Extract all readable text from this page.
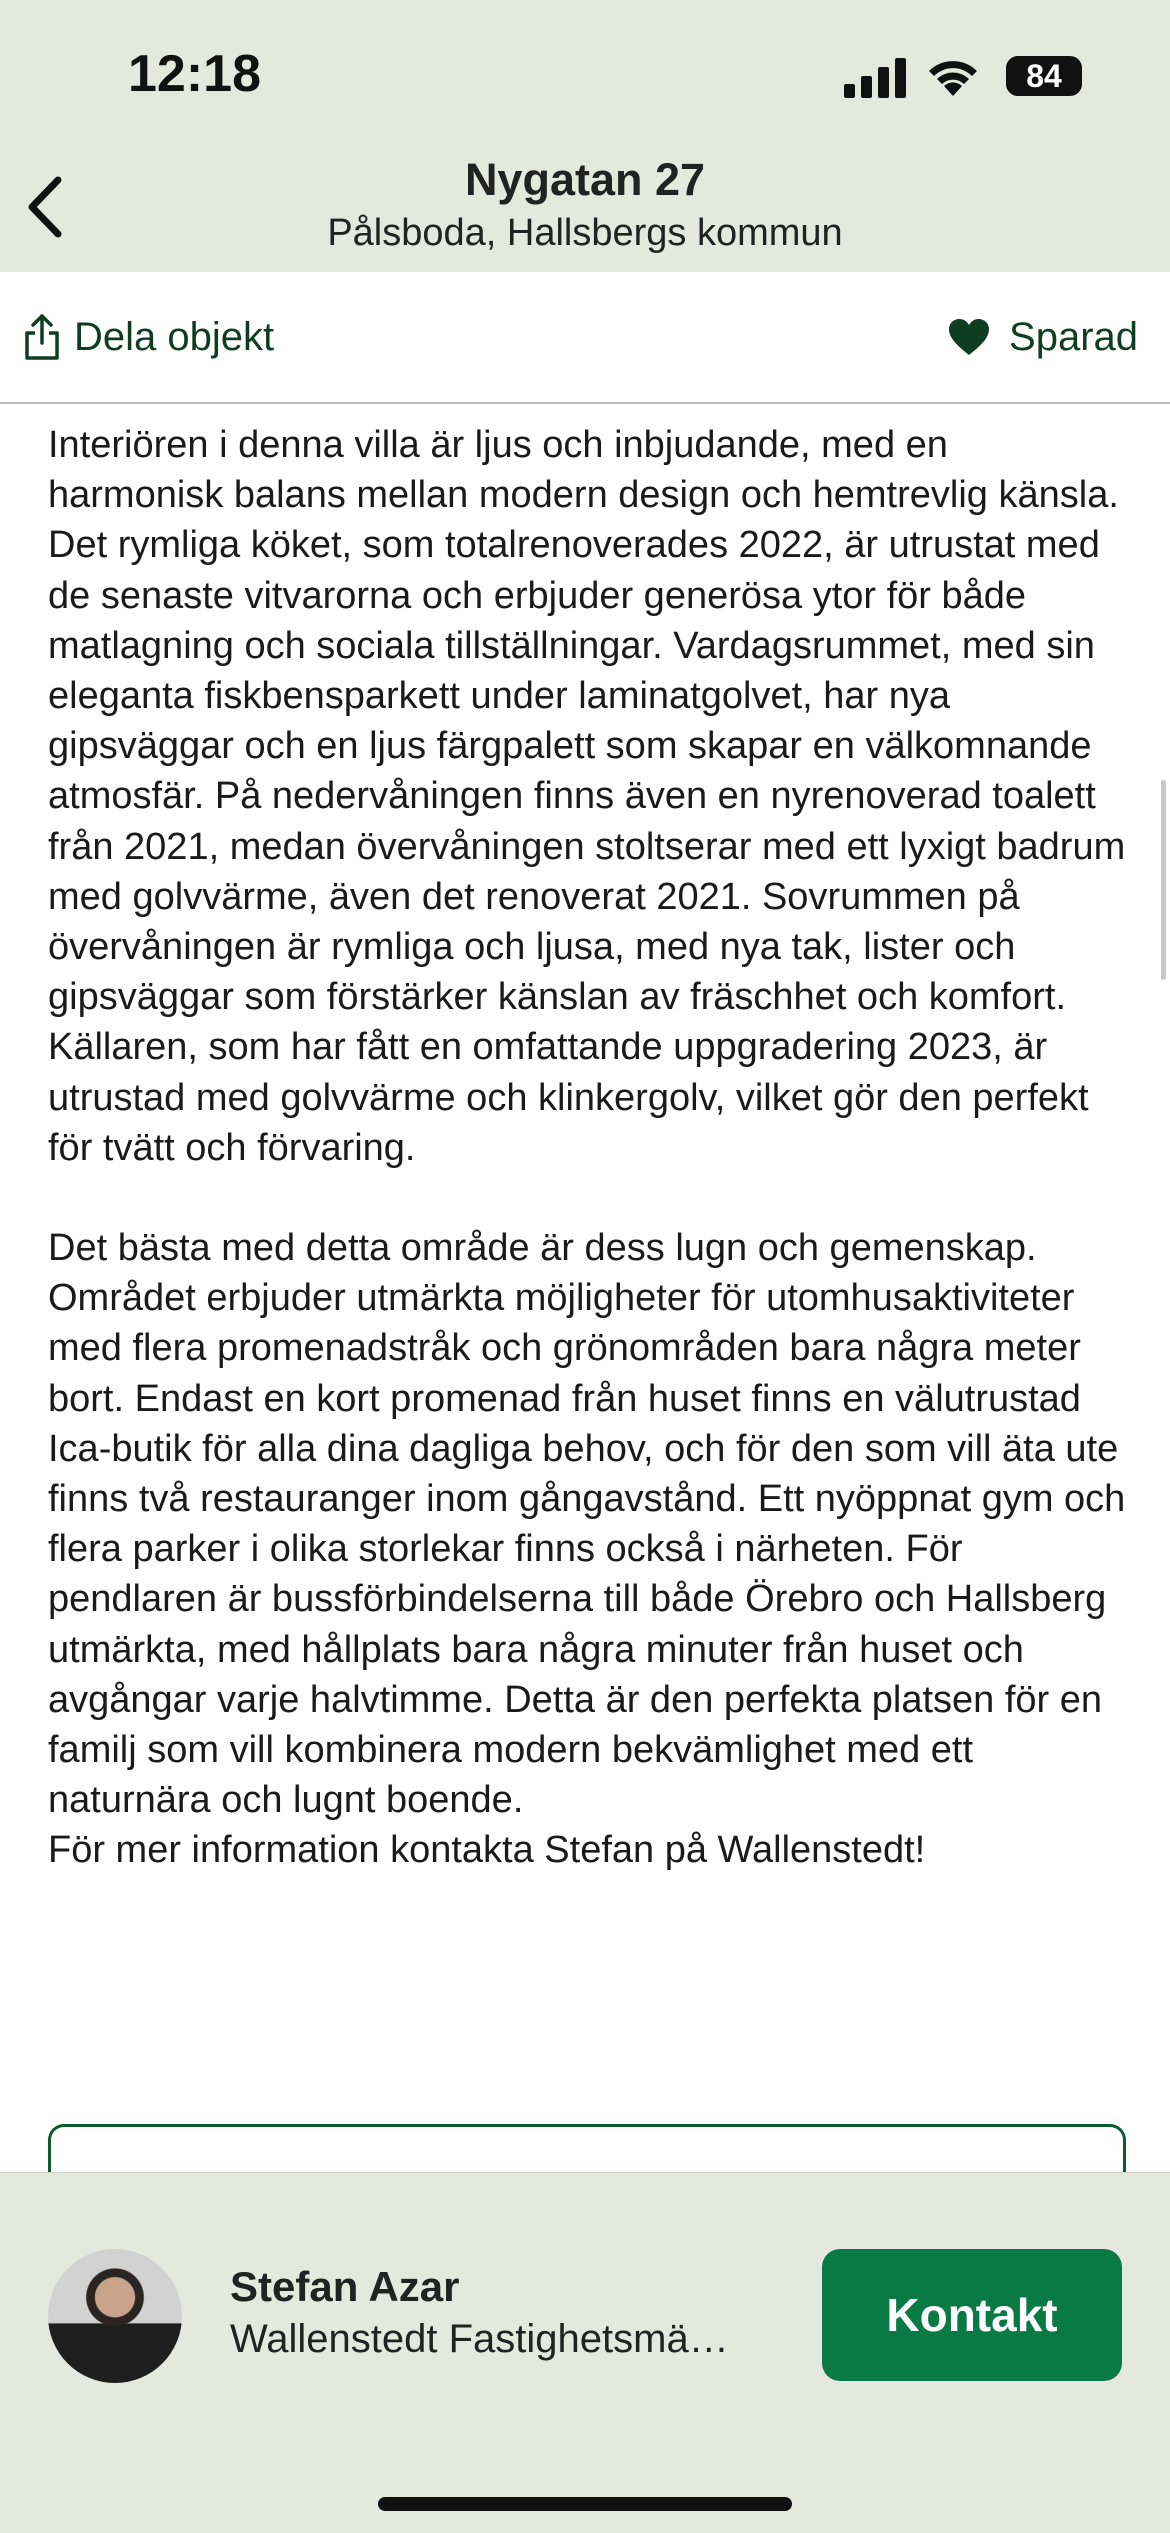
12:18	84
Nygatan 27
Pålsboda, Hallsbergs kommun
Dela objekt	Sparad

Interiören i denna villa är ljus och inbjudande, med en harmonisk balans mellan modern design och hemtrevlig känsla. Det rymliga köket, som totalrenoverades 2022, är utrustat med de senaste vitvarorna och erbjuder generösa ytor för både matlagning och sociala tillställningar. Vardagsrummet, med sin eleganta fiskbensparkett under laminatgolvet, har nya gipsväggar och en ljus färgpalett som skapar en välkomnande atmosfär. På nedervåningen finns även en nyrenoverad toalett från 2021, medan övervåningen stoltserar med ett lyxigt badrum med golvvärme, även det renoverat 2021. Sovrummen på övervåningen är rymliga och ljusa, med nya tak, lister och gipsväggar som förstärker känslan av fräschhet och komfort. Källaren, som har fått en omfattande uppgradering 2023, är utrustad med golvvärme och klinkergolv, vilket gör den perfekt för tvätt och förvaring.

Det bästa med detta område är dess lugn och gemenskap. Området erbjuder utmärkta möjligheter för utomhusaktiviteter med flera promenadstråk och grönområden bara några meter bort. Endast en kort promenad från huset finns en välutrustad Ica-butik för alla dina dagliga behov, och för den som vill äta ute finns två restauranger inom gångavstånd. Ett nyöppnat gym och flera parker i olika storlekar finns också i närheten. För pendlaren är bussförbindelserna till både Örebro och Hallsberg utmärkta, med hållplats bara några minuter från huset och avgångar varje halvtimme. Detta är den perfekta platsen för en familj som vill kombinera modern bekvämlighet med ett naturnära och lugnt boende.
För mer information kontakta Stefan på Wallenstedt!

Stefan Azar
Wallenstedt Fastighetsmä…	Kontakt
